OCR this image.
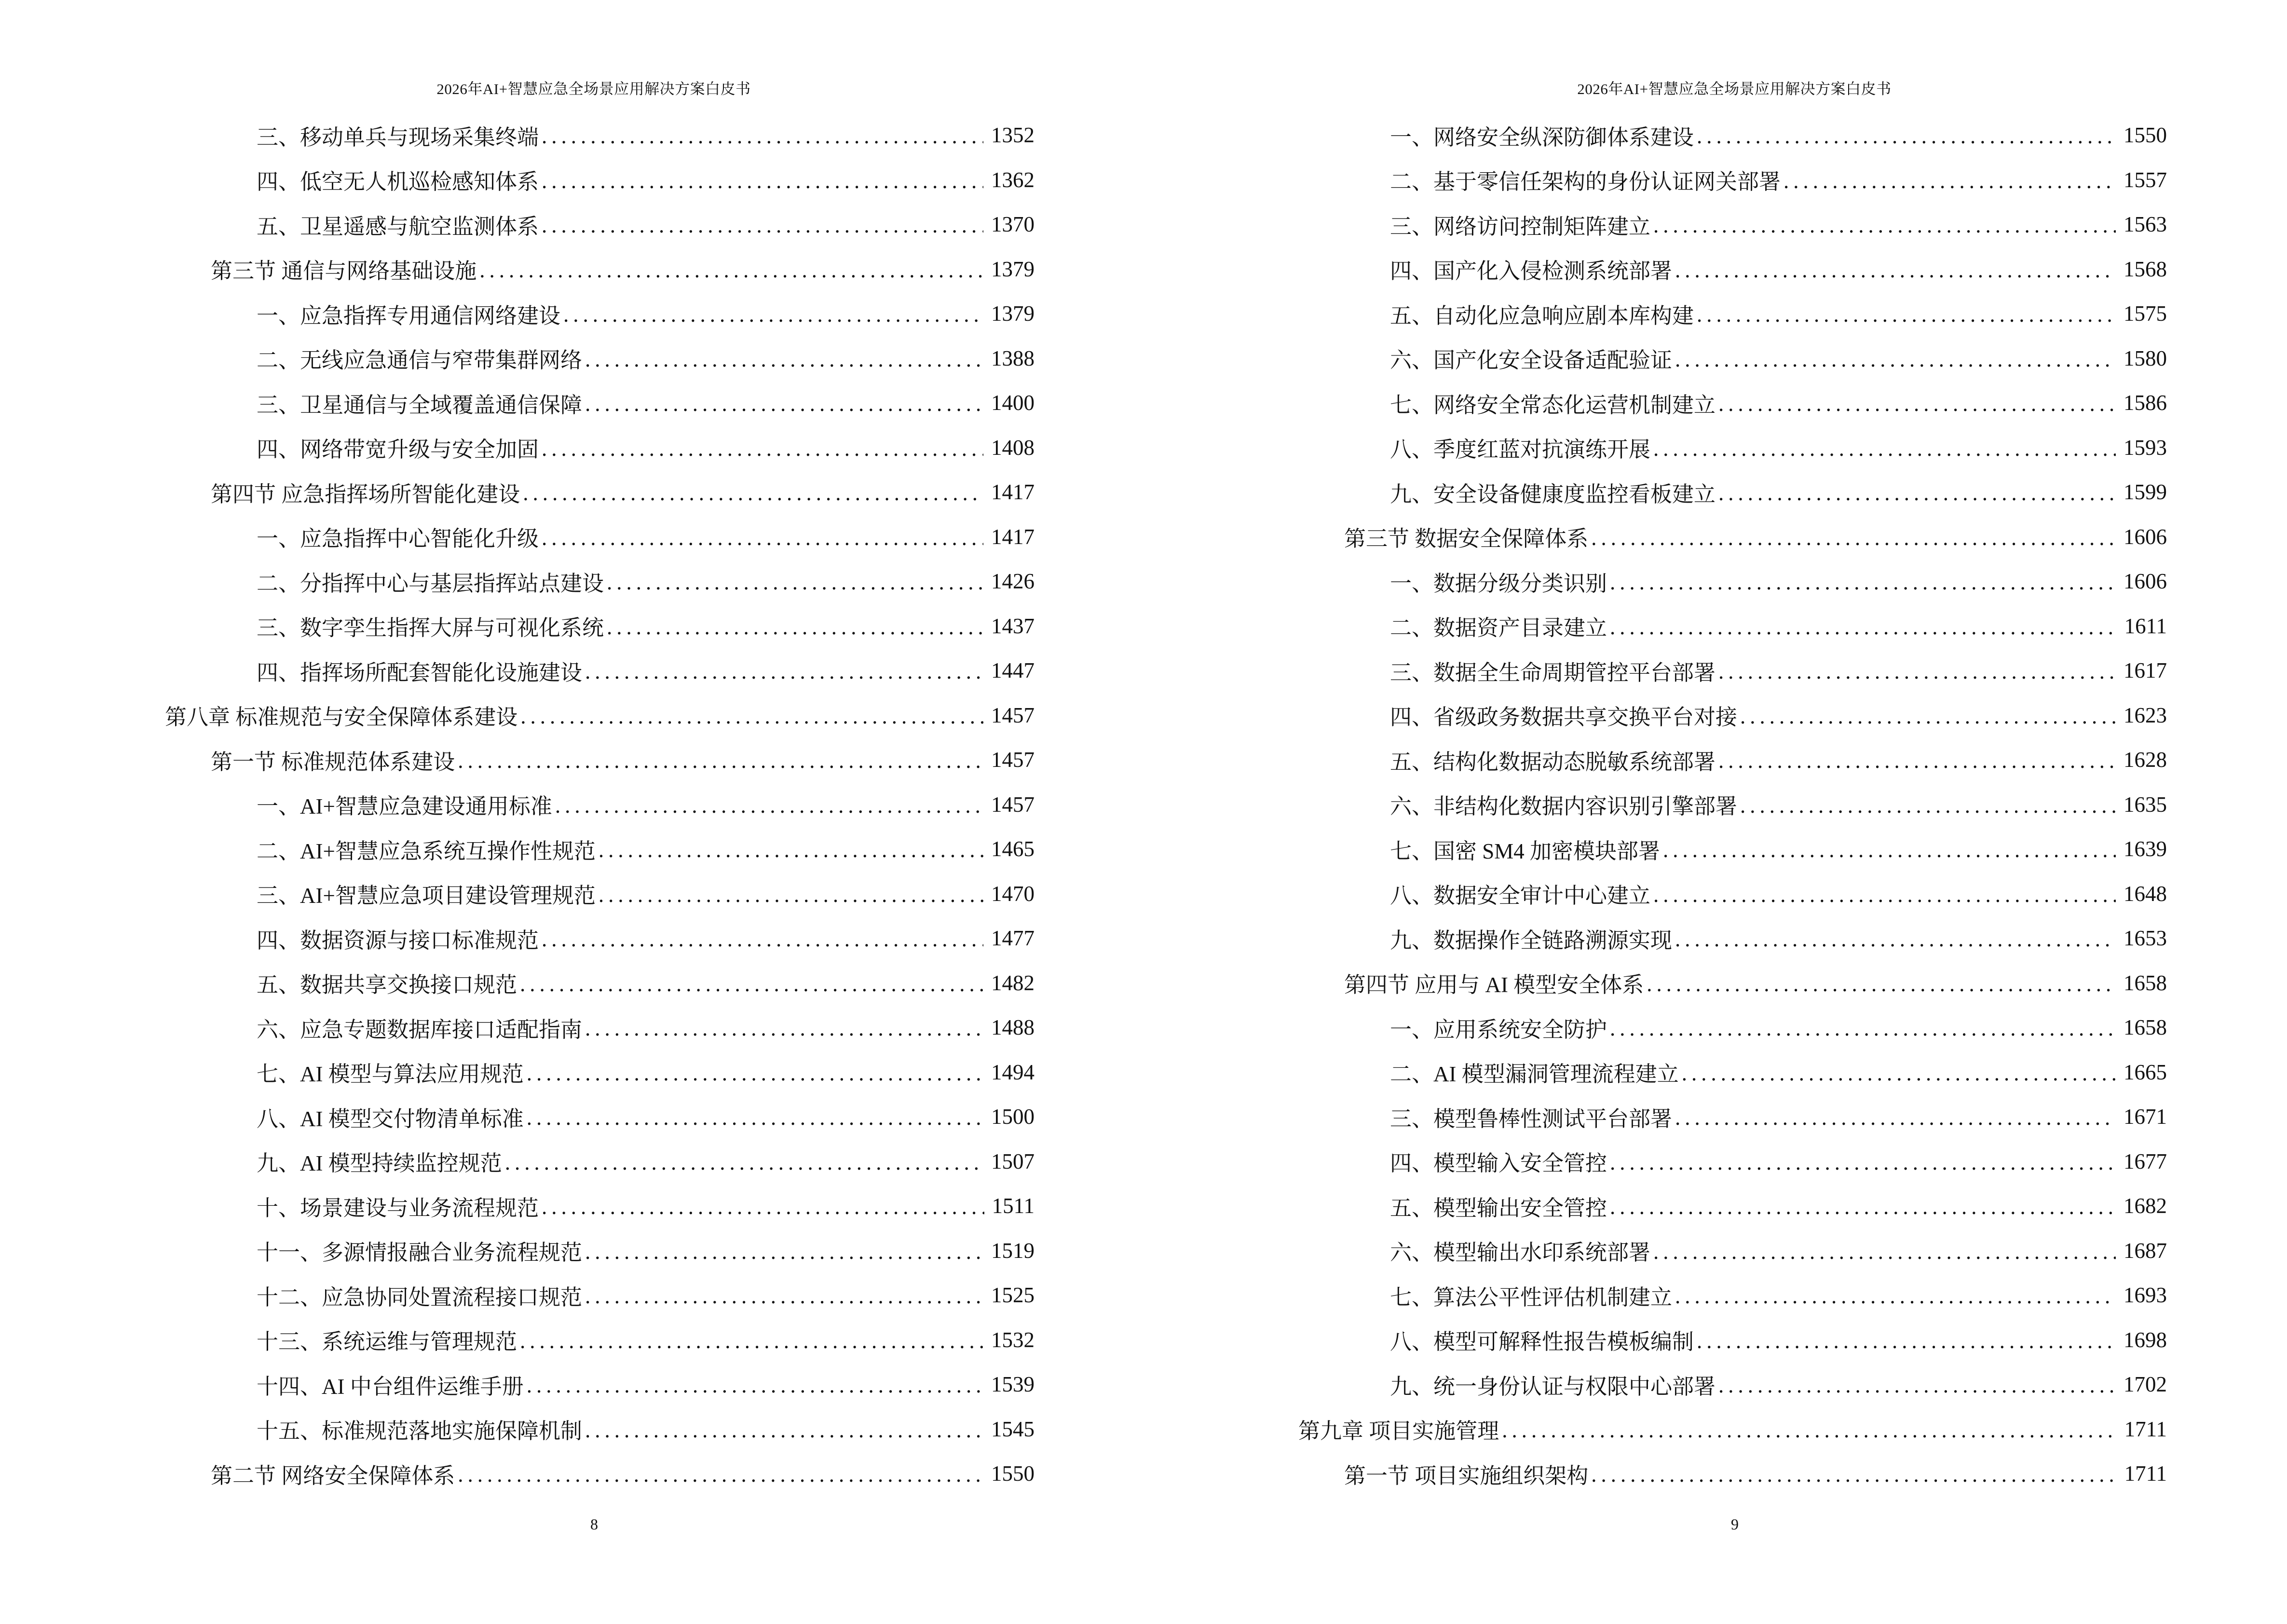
2026年AI+智慧应急全场景应用解决方案白皮书
三、移动单兵与现场采集终端 .....	1352
四、低空无人机巡检感知体系 .....	1362
五、卫星遥感与航空监测体系 .....	1370
第三节 通信与网络基础设施 .....	1379
一、应急指挥专用通信网络建设 .....	1379
二、无线应急通信与窄带集群网络 .....	1388
三、卫星通信与全域覆盖通信保障 .....	1400
四、网络带宽升级与安全加固 .....	1408
第四节 应急指挥场所智能化建设 .....	1417
一、应急指挥中心智能化升级 .....	1417
二、分指挥中心与基层指挥站点建设 .....	1426
三、数字孪生指挥大屏与可视化系统 .....	1437
四、指挥场所配套智能化设施建设 .....	1447
第八章 标准规范与安全保障体系建设 .....	1457
第一节 标准规范体系建设 .....	1457
一、AI+智慧应急建设通用标准 .....	1457
二、AI+智慧应急系统互操作性规范 .....	1465
三、AI+智慧应急项目建设管理规范 .....	1470
四、数据资源与接口标准规范 .....	1477
五、数据共享交换接口规范 .....	1482
六、应急专题数据库接口适配指南 .....	1488
七、AI 模型与算法应用规范 .....	1494
八、AI 模型交付物清单标准 .....	1500
九、AI 模型持续监控规范 .....	1507
十、场景建设与业务流程规范 .....	1511
十一、多源情报融合业务流程规范 .....	1519
十二、应急协同处置流程接口规范 .....	1525
十三、系统运维与管理规范 .....	1532
十四、AI 中台组件运维手册 .....	1539
十五、标准规范落地实施保障机制 .....	1545
第二节 网络安全保障体系 .....	1550
8
2026年AI+智慧应急全场景应用解决方案白皮书
一、网络安全纵深防御体系建设 .....	1550
二、基于零信任架构的身份认证网关部署 .....	1557
三、网络访问控制矩阵建立 .....	1563
四、国产化入侵检测系统部署 .....	1568
五、自动化应急响应剧本库构建 .....	1575
六、国产化安全设备适配验证 .....	1580
七、网络安全常态化运营机制建立 .....	1586
八、季度红蓝对抗演练开展 .....	1593
九、安全设备健康度监控看板建立 .....	1599
第三节 数据安全保障体系 .....	1606
一、数据分级分类识别 .....	1606
二、数据资产目录建立 .....	1611
三、数据全生命周期管控平台部署 .....	1617
四、省级政务数据共享交换平台对接 .....	1623
五、结构化数据动态脱敏系统部署 .....	1628
六、非结构化数据内容识别引擎部署 .....	1635
七、国密 SM4 加密模块部署 .....	1639
八、数据安全审计中心建立 .....	1648
九、数据操作全链路溯源实现 .....	1653
第四节 应用与 AI 模型安全体系 .....	1658
一、应用系统安全防护 .....	1658
二、AI 模型漏洞管理流程建立 .....	1665
三、模型鲁棒性测试平台部署 .....	1671
四、模型输入安全管控 .....	1677
五、模型输出安全管控 .....	1682
六、模型输出水印系统部署 .....	1687
七、算法公平性评估机制建立 .....	1693
八、模型可解释性报告模板编制 .....	1698
九、统一身份认证与权限中心部署 .....	1702
第九章 项目实施管理 .....	1711
第一节 项目实施组织架构 .....	1711
9
